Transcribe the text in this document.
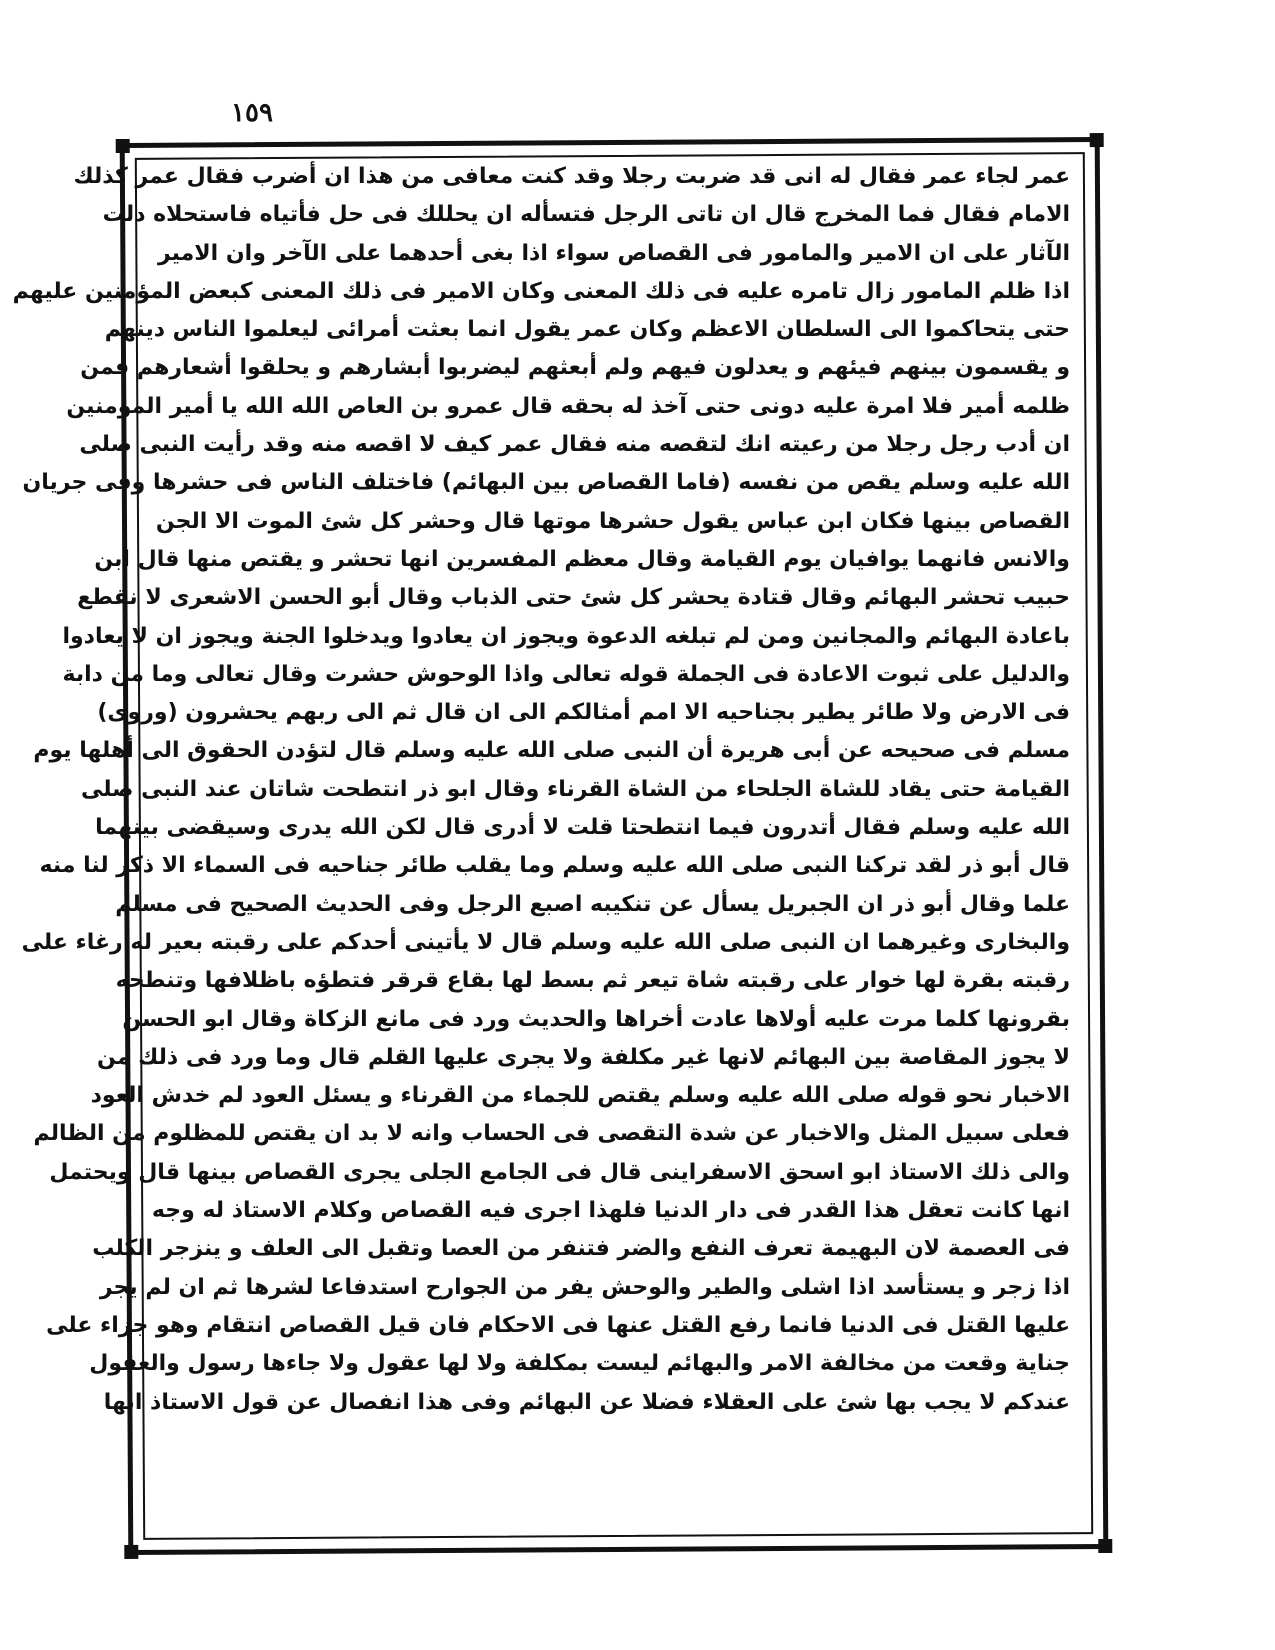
١٥٩
عمر لجاء عمر فقال له انى قد ضربت رجلا وقد كنت معافى من هذا ان أضرب فقال عمر كذلك
الامام فقال فما المخرج قال ان تاتى الرجل فتسأله ان يحللك فى حل فأتياه فاستحلاه دلت
الآثار على ان الامير والمامور فى القصاص سواء اذا بغى أحدهما على الآخر وان الامير
اذا ظلم المامور زال تامره عليه فى ذلك المعنى وكان الامير فى ذلك المعنى كبعض المؤمنين عليهم
حتى يتحاكموا الى السلطان الاعظم وكان عمر يقول انما بعثت أمرائى ليعلموا الناس دينهم
و يقسمون بينهم فيئهم و يعدلون فيهم ولم أبعثهم ليضربوا أبشارهم و يحلقوا أشعارهم فمن
ظلمه أمير فلا امرة عليه دونى حتى آخذ له بحقه قال عمرو بن العاص الله الله يا أمير المؤمنين
ان أدب رجل رجلا من رعيته انك لتقصه منه فقال عمر كيف لا اقصه منه وقد رأيت النبى صلى
الله عليه وسلم يقص من نفسه (فاما القصاص بين البهائم) فاختلف الناس فى حشرها وفى جريان
القصاص بينها فكان ابن عباس يقول حشرها موتها قال وحشر كل شئ الموت الا الجن
والانس فانهما يوافيان يوم القيامة وقال معظم المفسرين انها تحشر و يقتص منها قال ابن
حبيب تحشر البهائم وقال قتادة يحشر كل شئ حتى الذباب وقال أبو الحسن الاشعرى لا نقطع
باعادة البهائم والمجانين ومن لم تبلغه الدعوة ويجوز ان يعادوا ويدخلوا الجنة ويجوز ان لا يعادوا
والدليل على ثبوت الاعادة فى الجملة قوله تعالى واذا الوحوش حشرت وقال تعالى وما من دابة
فى الارض ولا طائر يطير بجناحيه الا امم أمثالكم الى ان قال ثم الى ربهم يحشرون (وروى)
مسلم فى صحيحه عن أبى هريرة أن النبى صلى الله عليه وسلم قال لتؤدن الحقوق الى أهلها يوم
القيامة حتى يقاد للشاة الجلحاء من الشاة القرناء وقال ابو ذر انتطحت شاتان عند النبى صلى
الله عليه وسلم فقال أتدرون فيما انتطحتا قلت لا أدرى قال لكن الله يدرى وسيقضى بينهما
قال أبو ذر لقد تركنا النبى صلى الله عليه وسلم وما يقلب طائر جناحيه فى السماء الا ذكر لنا منه
علما وقال أبو ذر ان الجبريل يسأل عن تنكيبه اصبع الرجل وفى الحديث الصحيح فى مسلم
والبخارى وغيرهما ان النبى صلى الله عليه وسلم قال لا يأتينى أحدكم على رقبته بعير له رغاء على
رقبته بقرة لها خوار على رقبته شاة تيعر ثم بسط لها بقاع قرقر فتطؤه باظلافها وتنطحه
بقرونها كلما مرت عليه أولاها عادت أخراها والحديث ورد فى مانع الزكاة وقال ابو الحسن
لا يجوز المقاصة بين البهائم لانها غير مكلفة ولا يجرى عليها القلم قال وما ورد فى ذلك من
الاخبار نحو قوله صلى الله عليه وسلم يقتص للجماء من القرناء و يسئل العود لم خدش العود
فعلى سبيل المثل والاخبار عن شدة التقصى فى الحساب وانه لا بد ان يقتص للمظلوم من الظالم
والى ذلك الاستاذ ابو اسحق الاسفراينى قال فى الجامع الجلى يجرى القصاص بينها قال ويحتمل
انها كانت تعقل هذا القدر فى دار الدنيا فلهذا اجرى فيه القصاص وكلام الاستاذ له وجه
فى العصمة لان البهيمة تعرف النفع والضر فتنفر من العصا وتقبل الى العلف و ينزجر الكلب
اذا زجر و يستأسد اذا اشلى والطير والوحش يفر من الجوارح استدفاعا لشرها ثم ان لم يجر
عليها القتل فى الدنيا فانما رفع القتل عنها فى الاحكام فان قيل القصاص انتقام وهو جزاء على
جناية وقعت من مخالفة الامر والبهائم ليست بمكلفة ولا لها عقول ولا جاءها رسول والعقول
عندكم لا يجب بها شئ على العقلاء فضلا عن البهائم وفى هذا انفصال عن قول الاستاذ انها
